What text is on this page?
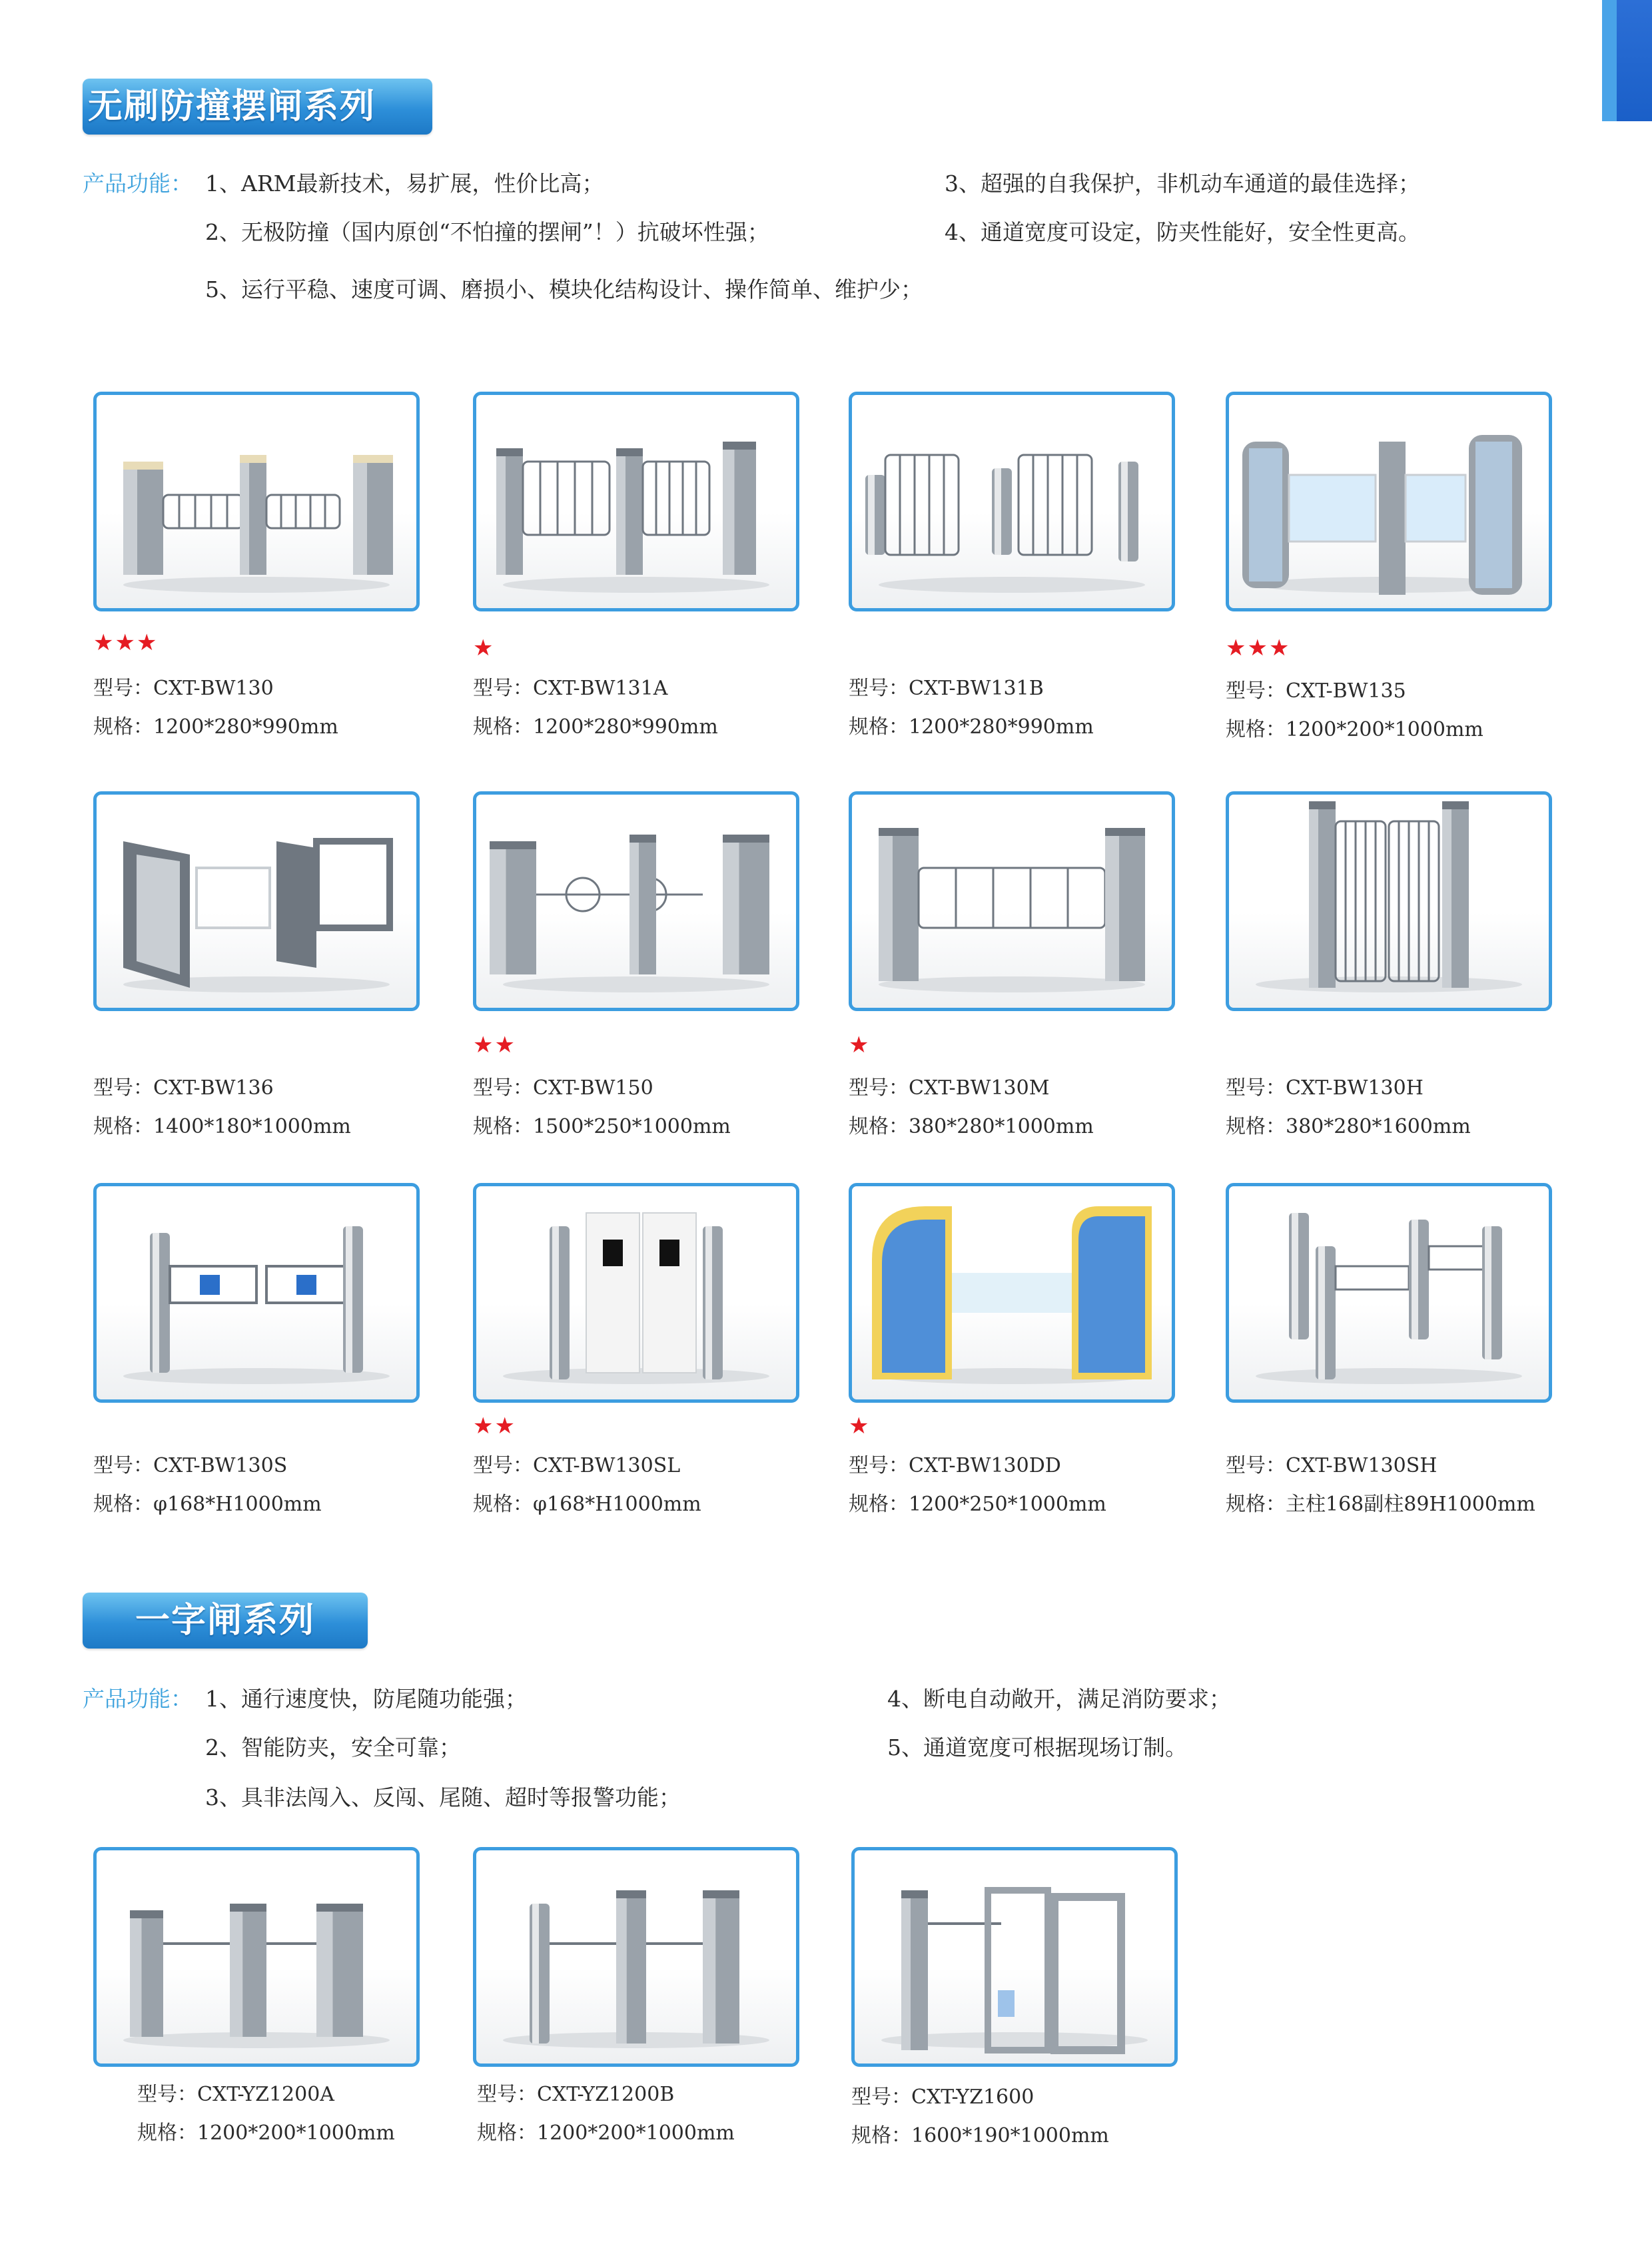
无刷防撞摆闸系列
产品功能： 1、ARM最新技术，易扩展，性价比高；	3、超强的自我保护，非机动车通道的最佳选择；
2、无极防撞（国内原创“不怕撞的摆闸”！）抗破坏性强；	4、通道宽度可设定，防夹性能好，安全性更高。
5、运行平稳、速度可调、磨损小、模块化结构设计、操作简单、维护少；
★★★
型号：CXT-BW130
规格：1200*280*990mm
★
型号：CXT-BW131A
规格：1200*280*990mm
型号：CXT-BW131B
规格：1200*280*990mm
★★★
型号：CXT-BW135
规格：1200*200*1000mm
型号：CXT-BW136
规格：1400*180*1000mm
★★
型号：CXT-BW150
规格：1500*250*1000mm
★
型号：CXT-BW130M
规格：380*280*1000mm
型号：CXT-BW130H
规格：380*280*1600mm
型号：CXT-BW130S
规格：φ168*H1000mm
★★
型号：CXT-BW130SL
规格：φ168*H1000mm
★
型号：CXT-BW130DD
规格：1200*250*1000mm
型号：CXT-BW130SH
规格：主柱168副柱89H1000mm
一字闸系列
产品功能： 1、通行速度快，防尾随功能强；	4、断电自动敞开，满足消防要求；
2、智能防夹，安全可靠；	5、通道宽度可根据现场订制。
3、具非法闯入、反闯、尾随、超时等报警功能；
型号：CXT-YZ1200A
规格：1200*200*1000mm
型号：CXT-YZ1200B
规格：1200*200*1000mm
型号：CXT-YZ1600
规格：1600*190*1000mm
